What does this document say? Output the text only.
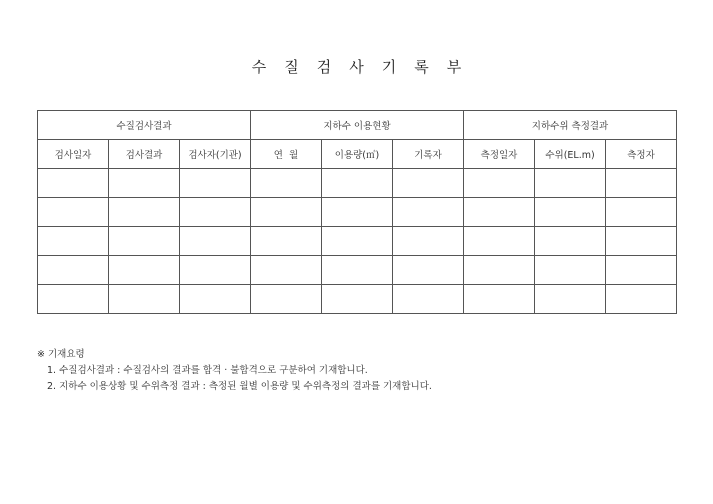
수 질 검 사 기 록 부
수질검사결과			지하수 이용현황			지하수위 측정결과		
검사일자	검사결과	검사자(기관)	연  월	이용량(㎥)	기록자	측정일자	수위(EL.m)	측정자

※ 기재요령
1. 수질검사결과 : 수질검사의 결과를 합격 · 불합격으로 구분하여 기재합니다.
2. 지하수 이용상황 및 수위측정 결과 : 측정된 월별 이용량 및 수위측정의 결과를 기재합니다.
